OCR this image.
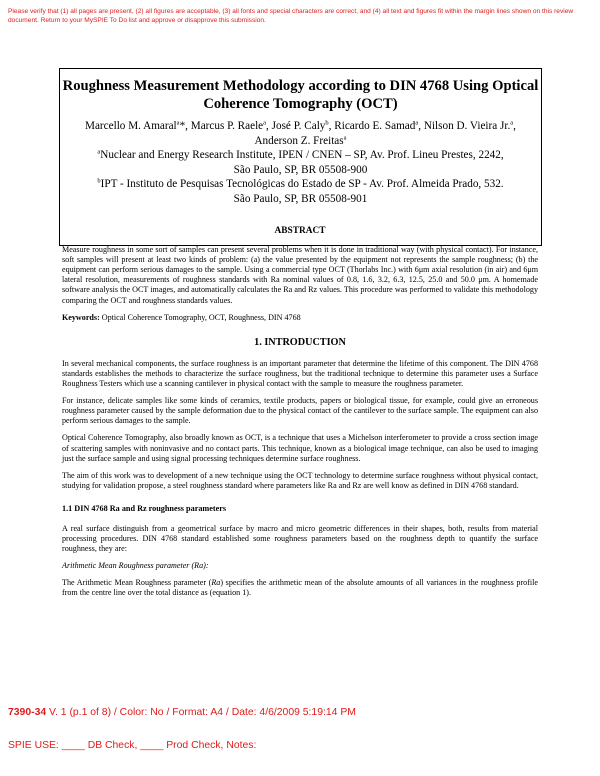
Please verify that (1) all pages are present, (2) all figures are acceptable, (3) all fonts and special characters are correct, and (4) all text and figures fit within the margin lines shown on this review document. Return to your MySPIE To Do list and approve or disapprove this submission.
Roughness Measurement Methodology according to DIN 4768 Using Optical Coherence Tomography (OCT)
Marcello M. Amaral$^a$*, Marcus P. Raele$^a$, José P. Caly$^b$, Ricardo E. Samad$^a$, Nilson D. Vieira Jr.$^a$,
Anderson Z. Freitas$^a$
$^a$Nuclear and Energy Research Institute, IPEN / CNEN – SP, Av. Prof. Lineu Prestes, 2242,
São Paulo, SP, BR 05508-900
$^b$IPT - Instituto de Pesquisas Tecnológicas do Estado de SP - Av. Prof. Almeida Prado, 532.
São Paulo, SP, BR 05508-901
ABSTRACT

Measure roughness in some sort of samples can present several problems when it is done in traditional way (with physical contact). For instance, soft samples will present at least two kinds of problem: (a) the value presented by the equipment not represents the sample roughness; (b) the equipment can perform serious damages to the sample. Using a commercial type OCT (Thorlabs Inc.) with 6μm axial resolution (in air) and 6μm lateral resolution, measurements of roughness standards with Ra nominal values of 0.8, 1.6, 3.2, 6.3, 12.5, 25.0 and 50.0 μm. A homemade software analysis the OCT images, and automatically calculates the Ra and Rz values. This procedure was performed to validate this methodology comparing the OCT and roughness standards values.

Keywords: Optical Coherence Tomography, OCT, Roughness, DIN 4768

1. INTRODUCTION

In several mechanical components, the surface roughness is an important parameter that determine the lifetime of this component. The DIN 4768 standards establishes the methods to characterize the surface roughness, but the traditional technique to determine this parameter uses a Surface Roughness Testers which use a scanning cantilever in physical contact with the sample to measure the roughness parameter.

For instance, delicate samples like some kinds of ceramics, textile products, papers or biological tissue, for example, could give an erroneous roughness parameter caused by the sample deformation due to the physical contact of the cantilever to the surface sample. The equipment can also perform serious damages to the sample.

Optical Coherence Tomography, also broadly known as OCT, is a technique that uses a Michelson interferometer to provide a cross section image of scattering samples with noninvasive and no contact parts. This technique, known as a biological image technique, can also be used to imaging just the surface sample and using signal processing techniques determine surface roughness.

The aim of this work was to development of a new technique using the OCT technology to determine surface roughness without physical contact, studying for validation propose, a steel roughness standard where parameters like Ra and Rz are well know as defined in DIN 4768 standard.

1.1 DIN 4768 Ra and Rz roughness parameters

A real surface distinguish from a geometrical surface by macro and micro geometric differences in their shapes, both, results from material processing procedures. DIN 4768 standard established some roughness parameters based on the roughness depth to quantify the surface roughness, they are:

Arithmetic Mean Roughness parameter (Ra):

The Arithmetic Mean Roughness parameter (Ra) specifies the arithmetic mean of the absolute amounts of all variances in the roughness profile from the centre line over the total distance as (equation 1).

7390-34 V. 1 (p.1 of 8) / Color: No / Format: A4 / Date: 4/6/2009 5:19:14 PM
SPIE USE: ____ DB Check, ____ Prod Check, Notes:
